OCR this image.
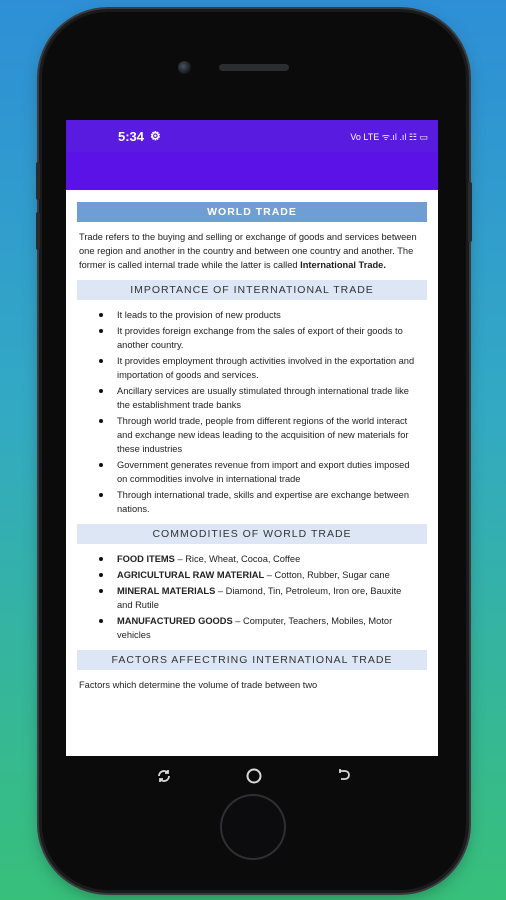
5:34 ⚙	Vo LTE ᯤ.ıl .ıl ☷ ▭
WORLD TRADE

Trade refers to the buying and selling or exchange of goods and services between one region and another in the country and between one country and another. The former is called internal trade while the latter is called International Trade.

IMPORTANCE OF INTERNATIONAL TRADE
It leads to the provision of new products
It provides foreign exchange from the sales of export of their goods to another country.
It provides employment through activities involved in the exportation and importation of goods and services.
Ancillary services are usually stimulated through international trade like the establishment trade banks
Through world trade, people from different regions of the world interact and exchange new ideas leading to the acquisition of new materials for these industries
Government generates revenue from import and export duties imposed on commodities involve in international trade
Through international trade, skills and expertise are exchange between nations.
COMMODITIES OF WORLD TRADE
FOOD ITEMS – Rice, Wheat, Cocoa, Coffee
AGRICULTURAL RAW MATERIAL – Cotton, Rubber, Sugar cane
MINERAL MATERIALS – Diamond, Tin, Petroleum, Iron ore, Bauxite and Rutile
MANUFACTURED GOODS – Computer, Teachers, Mobiles, Motor vehicles
FACTORS AFFECTRING INTERNATIONAL TRADE

Factors which determine the volume of trade between two
